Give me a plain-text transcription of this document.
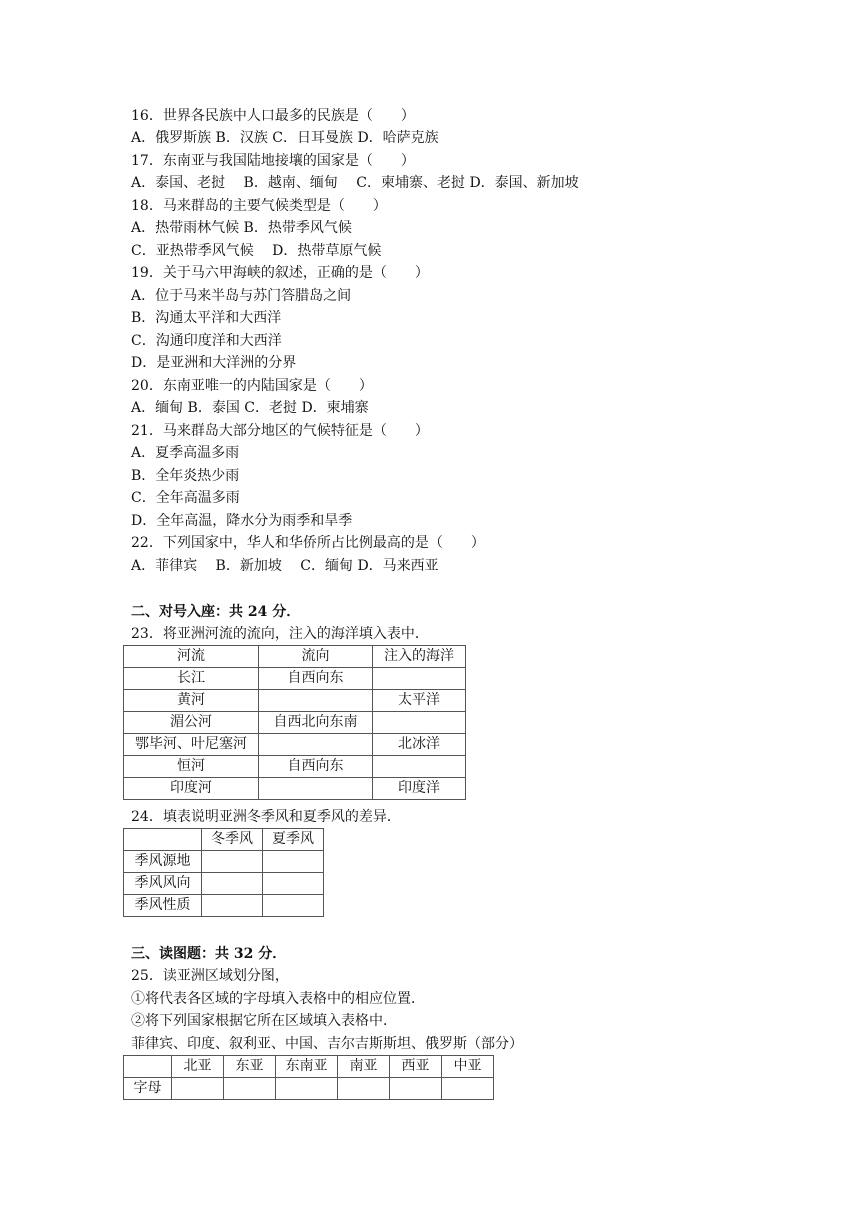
16．世界各民族中人口最多的民族是（　　）
A．俄罗斯族 B．汉族 C．日耳曼族 D．哈萨克族
17．东南亚与我国陆地接壤的国家是（　　）
A．泰国、老挝　 B．越南、缅甸　 C．柬埔寨、老挝 D．泰国、新加坡
18．马来群岛的主要气候类型是（　　）
A．热带雨林气候 B．热带季风气候
C．亚热带季风气候　 D．热带草原气候
19．关于马六甲海峡的叙述，正确的是（　　）
A．位于马来半岛与苏门答腊岛之间
B．沟通太平洋和大西洋
C．沟通印度洋和大西洋
D．是亚洲和大洋洲的分界
20．东南亚唯一的内陆国家是（　　）
A．缅甸 B．泰国 C．老挝 D．柬埔寨
21．马来群岛大部分地区的气候特征是（　　）
A．夏季高温多雨
B．全年炎热少雨
C．全年高温多雨
D．全年高温，降水分为雨季和旱季
22．下列国家中，华人和华侨所占比例最高的是（　　）
A．菲律宾　 B．新加坡　 C．缅甸 D．马来西亚
二、对号入座：共 24 分．
23．将亚洲河流的流向，注入的海洋填入表中．
河流	流向	注入的海洋
长江	自西向东	
黄河		太平洋
湄公河	自西北向东南	
鄂毕河、叶尼塞河		北冰洋
恒河	自西向东	
印度河		印度洋
24．填表说明亚洲冬季风和夏季风的差异．
	冬季风	夏季风
季风源地		
季风风向		
季风性质		
三、读图题：共 32 分．
25．读亚洲区域划分图，
①将代表各区域的字母填入表格中的相应位置．
②将下列国家根据它所在区域填入表格中．
菲律宾、印度、叙利亚、中国、吉尔吉斯斯坦、俄罗斯（部分）
	北亚	东亚	东南亚	南亚	西亚	中亚
字母						
